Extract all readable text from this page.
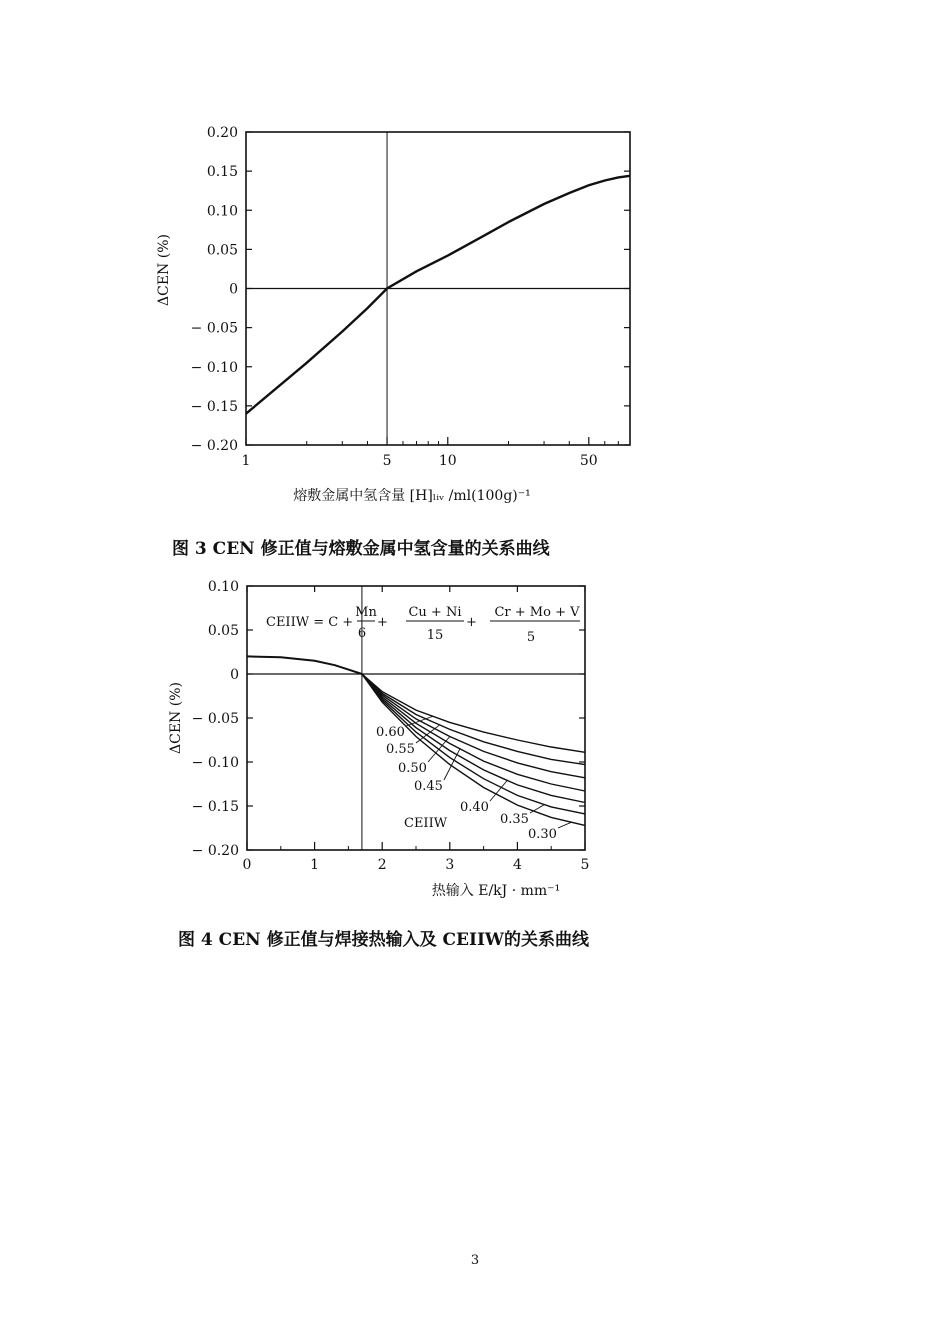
0.20
0.15
0.10
0.05
0
− 0.05
− 0.10
− 0.15
− 0.20
1	5	10	50
ΔCEN (%)
熔敷金属中氢含量 [H]ₗᵢᵥ /ml(100g)⁻¹
图 3 CEN 修正值与熔敷金属中氢含量的关系曲线
0.10
0.05
0
− 0.05
− 0.10
− 0.15
− 0.20
0	1	2	3	4	5
0.60
0.55
0.50
0.45
0.40
0.35
0.30
CEIIW = C +
Mn
6
+
Cu + Ni
15
+
Cr + Mo + V
5
CEIIW
ΔCEN (%)
热输入 E/kJ · mm⁻¹
图 4 CEN 修正值与焊接热输入及 CEIIW的关系曲线
3
